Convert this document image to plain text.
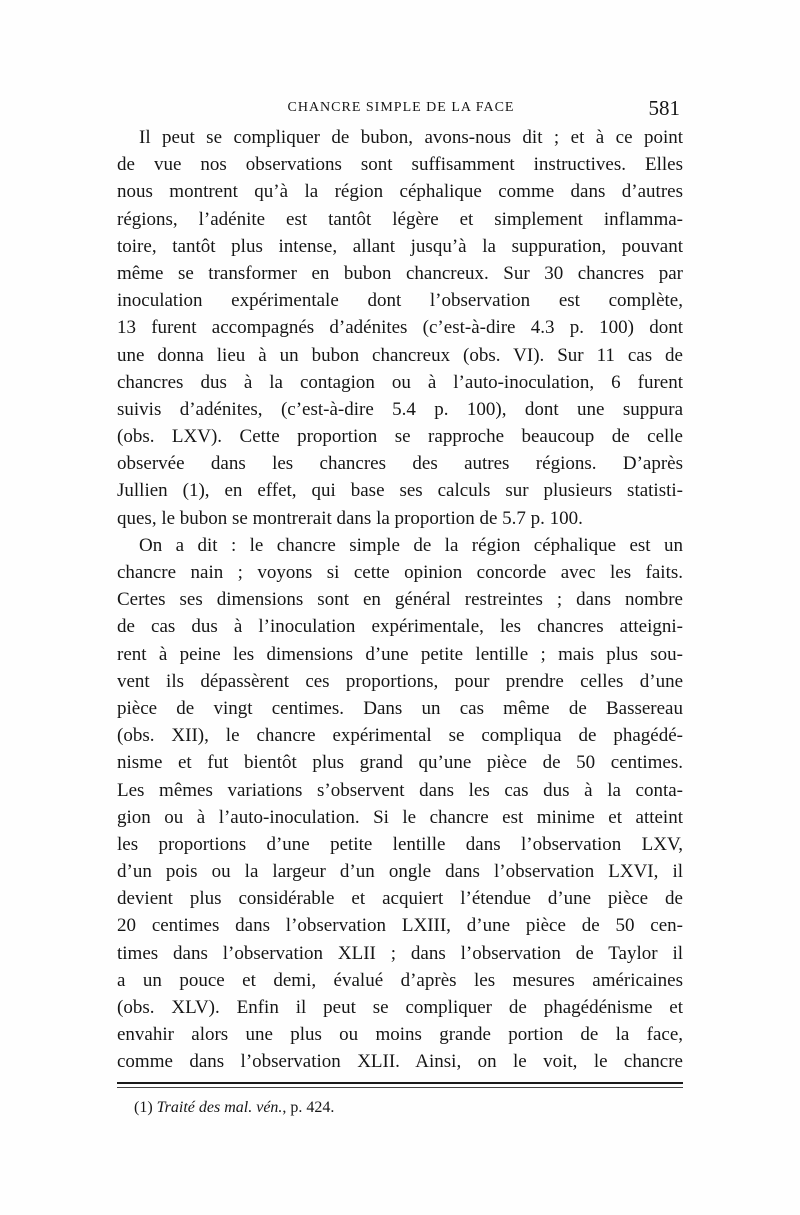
CHANCRE SIMPLE DE LA FACE	581
Il peut se compliquer de bubon, avons-nous dit ; et à ce point
de vue nos observations sont suffisamment instructives. Elles
nous montrent qu’à la région céphalique comme dans d’autres
régions, l’adénite est tantôt légère et simplement inflamma-
toire, tantôt plus intense, allant jusqu’à la suppuration, pouvant
même se transformer en bubon chancreux. Sur 30 chancres par
inoculation expérimentale dont l’observation est complète,
13 furent accompagnés d’adénites (c’est-à-dire 4.3 p. 100) dont
une donna lieu à un bubon chancreux (obs. VI). Sur 11 cas de
chancres dus à la contagion ou à l’auto-inoculation, 6 furent
suivis d’adénites, (c’est-à-dire 5.4 p. 100), dont une suppura
(obs. LXV). Cette proportion se rapproche beaucoup de celle
observée dans les chancres des autres régions. D’après
Jullien (1), en effet, qui base ses calculs sur plusieurs statisti-
ques, le bubon se montrerait dans la proportion de 5.7 p. 100.
On a dit : le chancre simple de la région céphalique est un
chancre nain ; voyons si cette opinion concorde avec les faits.
Certes ses dimensions sont en général restreintes ; dans nombre
de cas dus à l’inoculation expérimentale, les chancres atteigni-
rent à peine les dimensions d’une petite lentille ; mais plus sou-
vent ils dépassèrent ces proportions, pour prendre celles d’une
pièce de vingt centimes. Dans un cas même de Bassereau
(obs. XII), le chancre expérimental se compliqua de phagédé-
nisme et fut bientôt plus grand qu’une pièce de 50 centimes.
Les mêmes variations s’observent dans les cas dus à la conta-
gion ou à l’auto-inoculation. Si le chancre est minime et atteint
les proportions d’une petite lentille dans l’observation LXV,
d’un pois ou la largeur d’un ongle dans l’observation LXVI, il
devient plus considérable et acquiert l’étendue d’une pièce de
20 centimes dans l’observation LXIII, d’une pièce de 50 cen-
times dans l’observation XLII ; dans l’observation de Taylor il
a un pouce et demi, évalué d’après les mesures américaines
(obs. XLV). Enfin il peut se compliquer de phagédénisme et
envahir alors une plus ou moins grande portion de la face,
comme dans l’observation XLII. Ainsi, on le voit, le chancre
(1) Traité des mal. vén., p. 424.
